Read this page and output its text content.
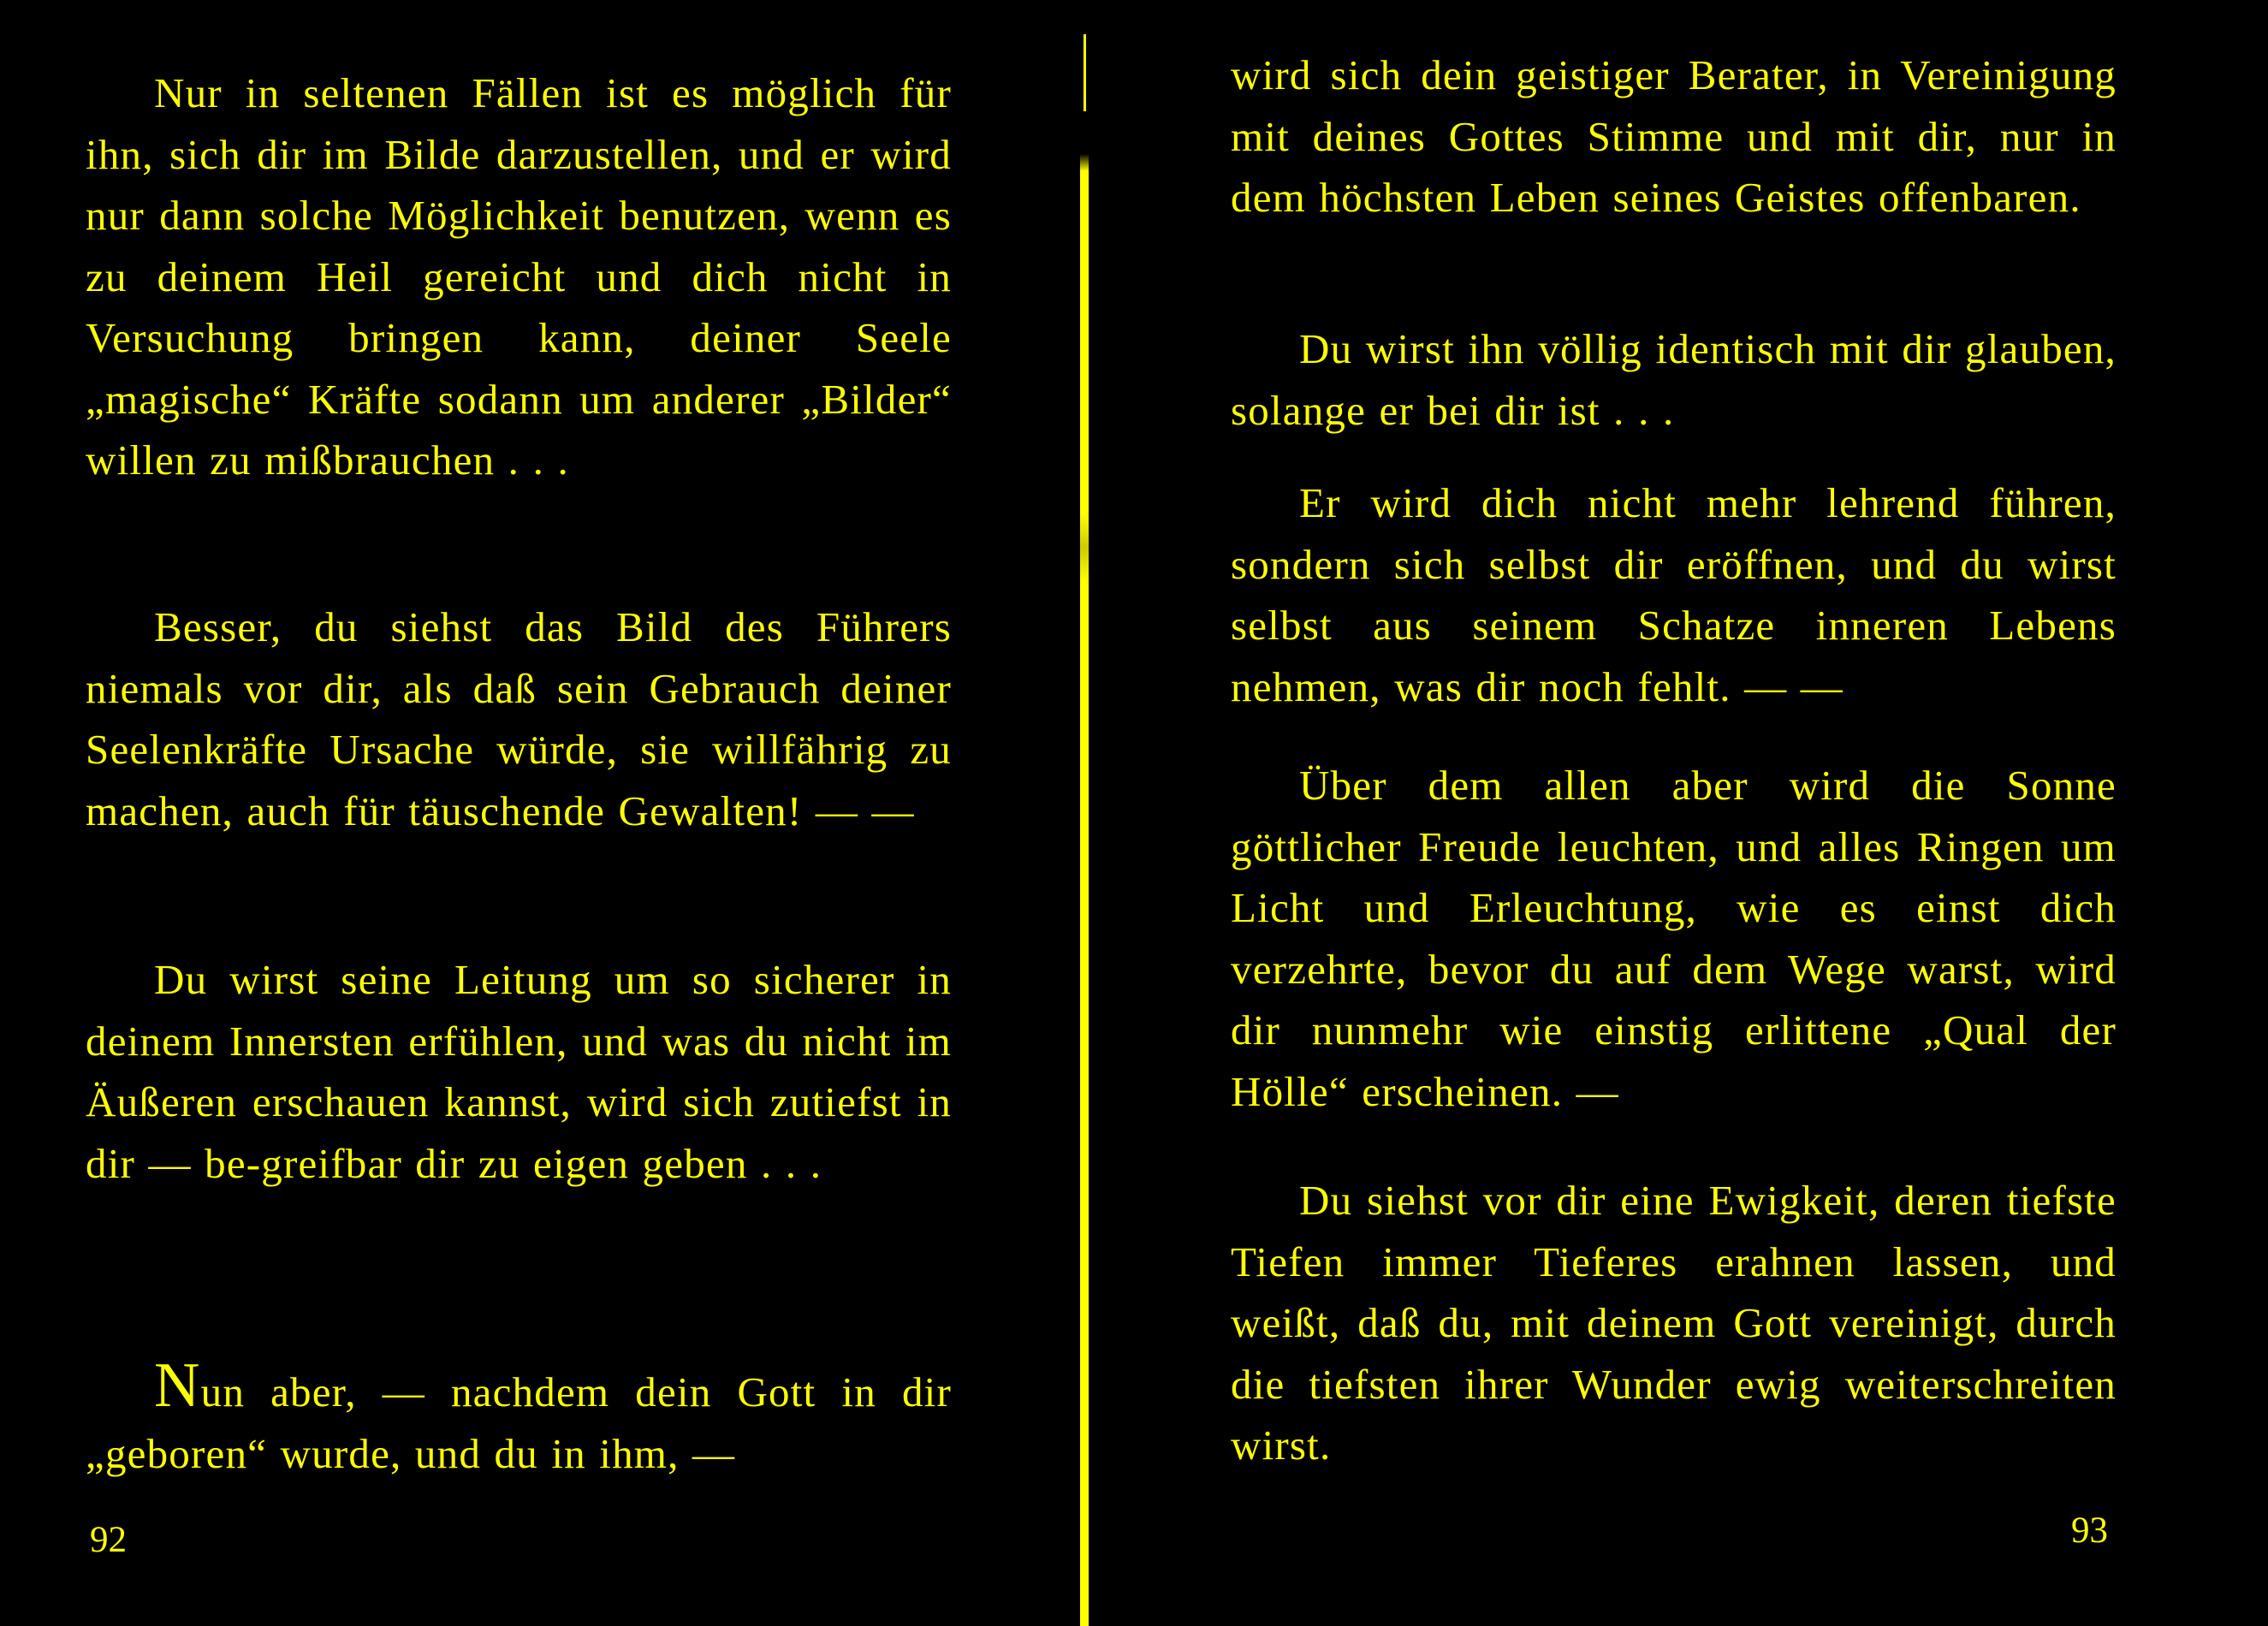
Nur in seltenen Fällen ist es möglich für ihn, sich dir im Bilde darzustellen, und er wird nur dann solche Möglichkeit benutzen, wenn es zu deinem Heil gereicht und dich nicht in Versuchung bringen kann, deiner Seele „magische“ Kräfte sodann um anderer „Bilder“ willen zu mißbrauchen . . .

Besser, du siehst das Bild des Führers niemals vor dir, als daß sein Gebrauch deiner Seelenkräfte Ursache würde, sie willfährig zu machen, auch für täuschende Gewalten! — —

Du wirst seine Leitung um so sicherer in deinem Innersten erfühlen, und was du nicht im Äußeren erschauen kannst, wird sich zutiefst in dir — be-greifbar dir zu eigen geben . . .

Nun aber, — nachdem dein Gott in dir „geboren“ wurde, und du in ihm, —

92

wird sich dein geistiger Berater, in Vereinigung mit deines Gottes Stimme und mit dir, nur in dem höchsten Leben seines Geistes offenbaren.

Du wirst ihn völlig identisch mit dir glauben, solange er bei dir ist . . .

Er wird dich nicht mehr lehrend führen, sondern sich selbst dir eröffnen, und du wirst selbst aus seinem Schatze inneren Lebens nehmen, was dir noch fehlt. — —

Über dem allen aber wird die Sonne göttlicher Freude leuchten, und alles Ringen um Licht und Erleuchtung, wie es einst dich verzehrte, bevor du auf dem Wege warst, wird dir nunmehr wie einstig erlittene „Qual der Hölle“ erscheinen. —

Du siehst vor dir eine Ewigkeit, deren tiefste Tiefen immer Tieferes erahnen lassen, und weißt, daß du, mit deinem Gott vereinigt, durch die tiefsten ihrer Wunder ewig weiterschreiten wirst.

93
